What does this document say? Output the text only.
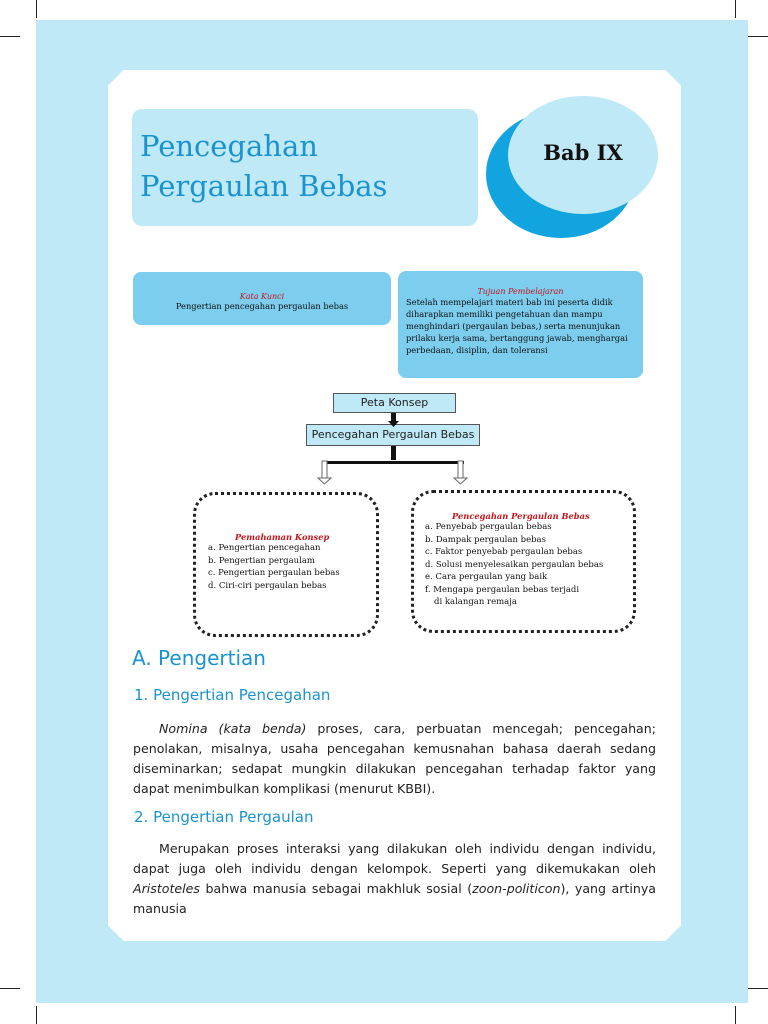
Pencegahan Pergaulan Bebas
Bab IX
Kata Kunci
Pengertian pencegahan pergaulan bebas
Tujuan Pembelajaran
Setelah mempelajari materi bab ini peserta didik diharapkan memiliki pengetahuan dan mampu menghindari (pergaulan bebas,) serta menunjukan prilaku kerja sama, bertanggung jawab, menghargai perbedaan, disiplin, dan toleransi
Peta Konsep
Pencegahan Pergaulan Bebas
Pemahaman Konsep
a. Pengertian pencegahan
b. Pengertian pergaulam
c. Pengertian pergaulan bebas
d. Ciri-ciri pergaulan bebas
Pencegahan Pergaulan Bebas
a. Penyebab pergaulan bebas
b. Dampak pergaulan bebas
c. Faktor penyebab pergaulan bebas
d. Solusi menyelesaikan pergaulan bebas
e. Cara pergaulan yang baik
f. Mengapa pergaulan bebas terjadi
di kalangan remaja
A. Pengertian
1. Pengertian Pencegahan

Nomina (kata benda) proses, cara, perbuatan mencegah; pencegahan; penolakan, misalnya, usaha pencegahan kemusnahan bahasa daerah sedang diseminarkan; sedapat mungkin dilakukan pencegahan terhadap faktor yang dapat menimbulkan komplikasi (menurut KBBI).

2. Pengertian Pergaulan

Merupakan proses interaksi yang dilakukan oleh individu dengan individu, dapat juga oleh individu dengan kelompok. Seperti yang dikemukakan oleh Aristoteles bahwa manusia sebagai makhluk sosial (zoon-politicon), yang artinya manusia
